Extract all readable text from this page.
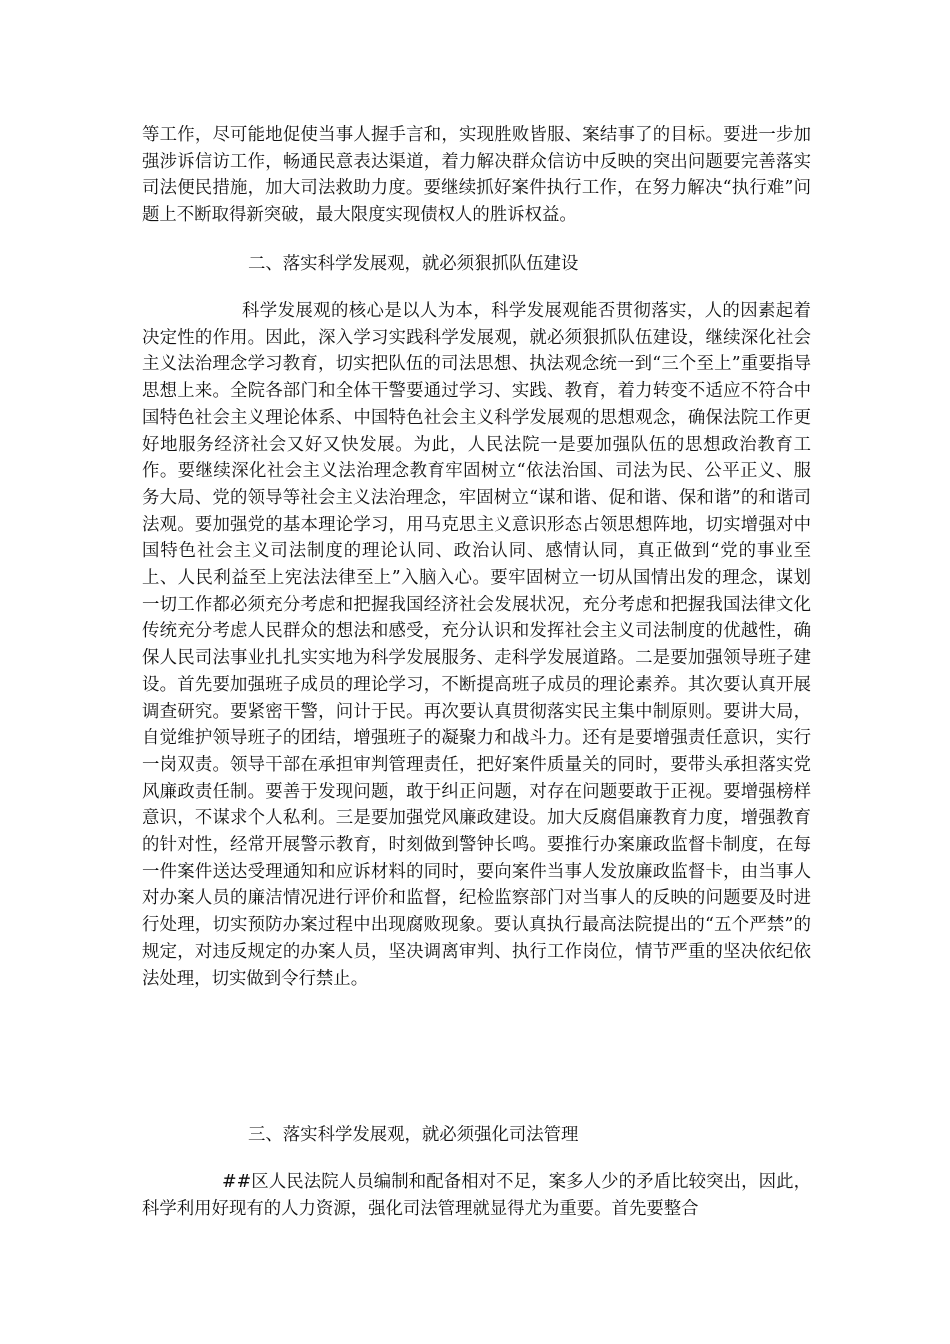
等工作，尽可能地促使当事人握手言和，实现胜败皆服、案结事了的目标。要进一步加强涉诉信访工作，畅通民意表达渠道，着力解决群众信访中反映的突出问题要完善落实司法便民措施，加大司法救助力度。要继续抓好案件执行工作，在努力解决“执行难”问题上不断取得新突破，最大限度实现债权人的胜诉权益。

二、落实科学发展观，就必须狠抓队伍建设

科学发展观的核心是以人为本，科学发展观能否贯彻落实，人的因素起着决定性的作用。因此，深入学习实践科学发展观，就必须狠抓队伍建设，继续深化社会主义法治理念学习教育，切实把队伍的司法思想、执法观念统一到“三个至上”重要指导思想上来。全院各部门和全体干警要通过学习、实践、教育，着力转变不适应不符合中国特色社会主义理论体系、中国特色社会主义科学发展观的思想观念，确保法院工作更好地服务经济社会又好又快发展。为此，人民法院一是要加强队伍的思想政治教育工作。要继续深化社会主义法治理念教育牢固树立“依法治国、司法为民、公平正义、服务大局、党的领导等社会主义法治理念，牢固树立“谋和谐、促和谐、保和谐”的和谐司法观。要加强党的基本理论学习，用马克思主义意识形态占领思想阵地，切实增强对中国特色社会主义司法制度的理论认同、政治认同、感情认同，真正做到“党的事业至上、人民利益至上宪法法律至上”入脑入心。要牢固树立一切从国情出发的理念，谋划一切工作都必须充分考虑和把握我国经济社会发展状况，充分考虑和把握我国法律文化传统充分考虑人民群众的想法和感受，充分认识和发挥社会主义司法制度的优越性，确保人民司法事业扎扎实实地为科学发展服务、走科学发展道路。二是要加强领导班子建设。首先要加强班子成员的理论学习，不断提高班子成员的理论素养。其次要认真开展调查研究。要紧密干警，问计于民。再次要认真贯彻落实民主集中制原则。要讲大局，自觉维护领导班子的团结，增强班子的凝聚力和战斗力。还有是要增强责任意识，实行一岗双责。领导干部在承担审判管理责任，把好案件质量关的同时，要带头承担落实党风廉政责任制。要善于发现问题，敢于纠正问题，对存在问题要敢于正视。要增强榜样意识，不谋求个人私利。三是要加强党风廉政建设。加大反腐倡廉教育力度，增强教育的针对性，经常开展警示教育，时刻做到警钟长鸣。要推行办案廉政监督卡制度，在每一件案件送达受理通知和应诉材料的同时，要向案件当事人发放廉政监督卡，由当事人对办案人员的廉洁情况进行评价和监督，纪检监察部门对当事人的反映的问题要及时进行处理，切实预防办案过程中出现腐败现象。要认真执行最高法院提出的“五个严禁”的规定，对违反规定的办案人员，坚决调离审判、执行工作岗位，情节严重的坚决依纪依法处理，切实做到令行禁止。

三、落实科学发展观，就必须强化司法管理

##区人民法院人员编制和配备相对不足，案多人少的矛盾比较突出，因此，科学利用好现有的人力资源，强化司法管理就显得尤为重要。首先要整合
